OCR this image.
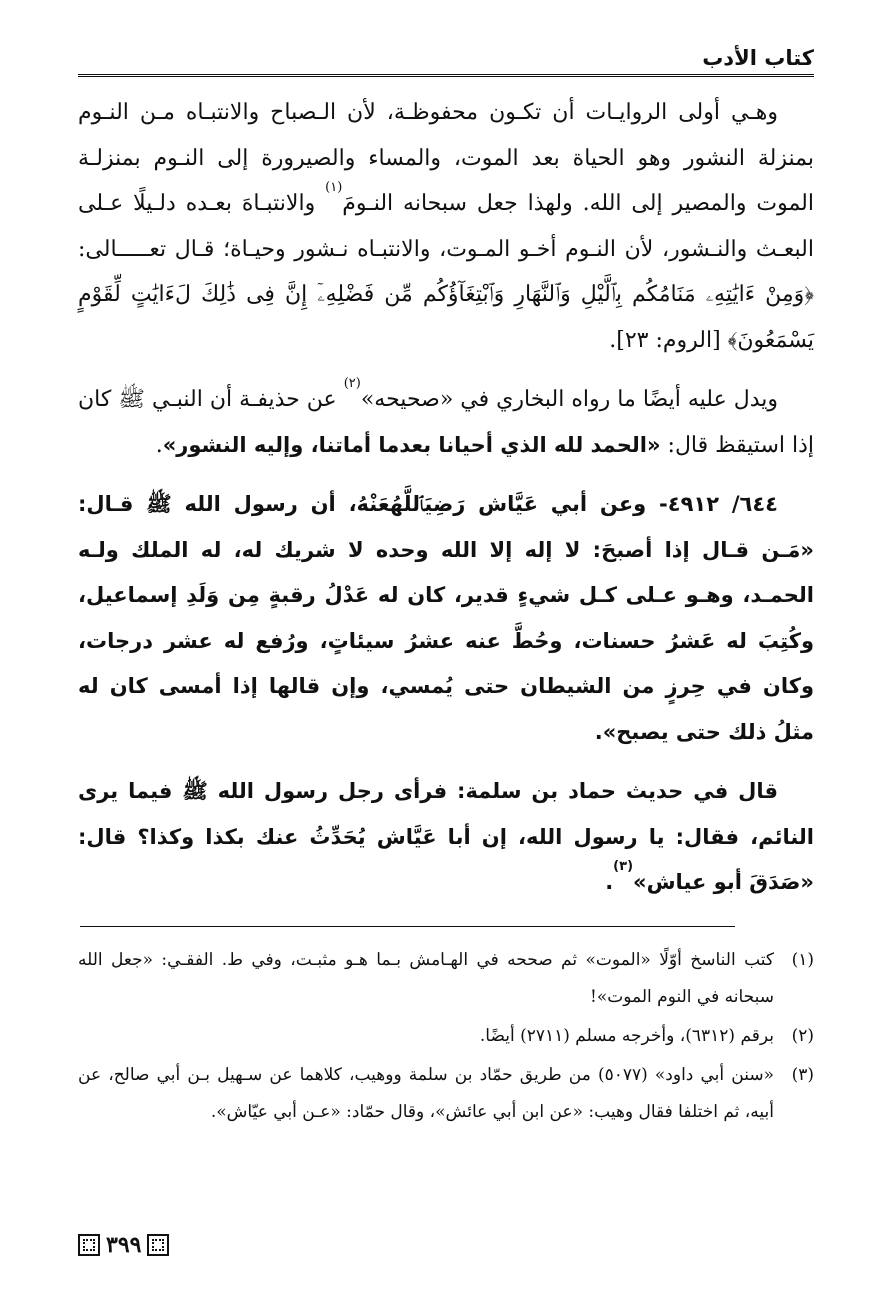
كتاب الأدب

وهـي أولى الروايـات أن تكـون محفوظـة، لأن الـصباح والانتبـاه مـن النـوم بمنزلة النشور وهو الحياة بعد الموت، والمساء والصيرورة إلى النـوم بمنزلـة الموت والمصير إلى الله. ولهذا جعل سبحانه النـومَ$^{(١)}$ والانتبـاهَ بعـده دلـيلًا عـلى البعـث والنـشور، لأن النـوم أخـو المـوت، والانتبـاه نـشور وحيـاة؛ قـال تعـــــالى: ﴿وَمِنْ ءَايَٰتِهِۦ مَنَامُكُم بِٱلَّيْلِ وَٱلنَّهَارِ وَٱبْتِغَآؤُكُم مِّن فَضْلِهِۦٓ إِنَّ فِى ذَٰلِكَ لَءَايَٰتٍ لِّقَوْمٍ يَسْمَعُونَ﴾ [الروم: ٢٣].

ويدل عليه أيضًا ما رواه البخاري في «صحيحه»$^{(٢)}$ عن حذيفـة أن النبـي ﷺ كان إذا استيقظ قال: «الحمد لله الذي أحيانا بعدما أماتنا، وإليه النشور».

٦٤٤/ ٤٩١٢- وعن أبي عَيَّاش رَضِيَٱللَّهُعَنْهُ، أن رسول الله ﷺ قـال: «مَـن قـال إذا أصبحَ: لا إله إلا الله وحده لا شريك له، له الملك ولـه الحمـد، وهـو عـلى كـل شيءٍ قدير، كان له عَدْلُ رقبةٍ مِن وَلَدِ إسماعيل، وكُتِبَ له عَشرُ حسنات، وحُطَّ عنه عشرُ سيئاتٍ، ورُفع له عشر درجات، وكان في حِرزٍ من الشيطان حتى يُمسي، وإن قالها إذا أمسى كان له مثلُ ذلك حتى يصبح».

قال في حديث حماد بن سلمة: فرأى رجل رسول الله ﷺ فيما يرى النائم، فقال: يا رسول الله، إن أبا عَيَّاش يُحَدِّثُ عنك بكذا وكذا؟ قال: «صَدَقَ أبو عياش»$^{(٣)}$.

(١)
كتب الناسخ أوّلًا «الموت» ثم صححه في الهـامش بـما هـو مثبـت، وفي ط. الفقـي: «جعل الله سبحانه في النوم الموت»!

(٢)
برقم (٦٣١٢)، وأخرجه مسلم (٢٧١١) أيضًا.

(٣)
«سنن أبي داود» (٥٠٧٧) من طريق حمّاد بن سلمة ووهيب، كلاهما عن سـهيل بـن أبي صالح، عن أبيه، ثم اختلفا فقال وهيب: «عن ابن أبي عائش»، وقال حمّاد: «عـن أبي عيّاش».

٣٩٩
